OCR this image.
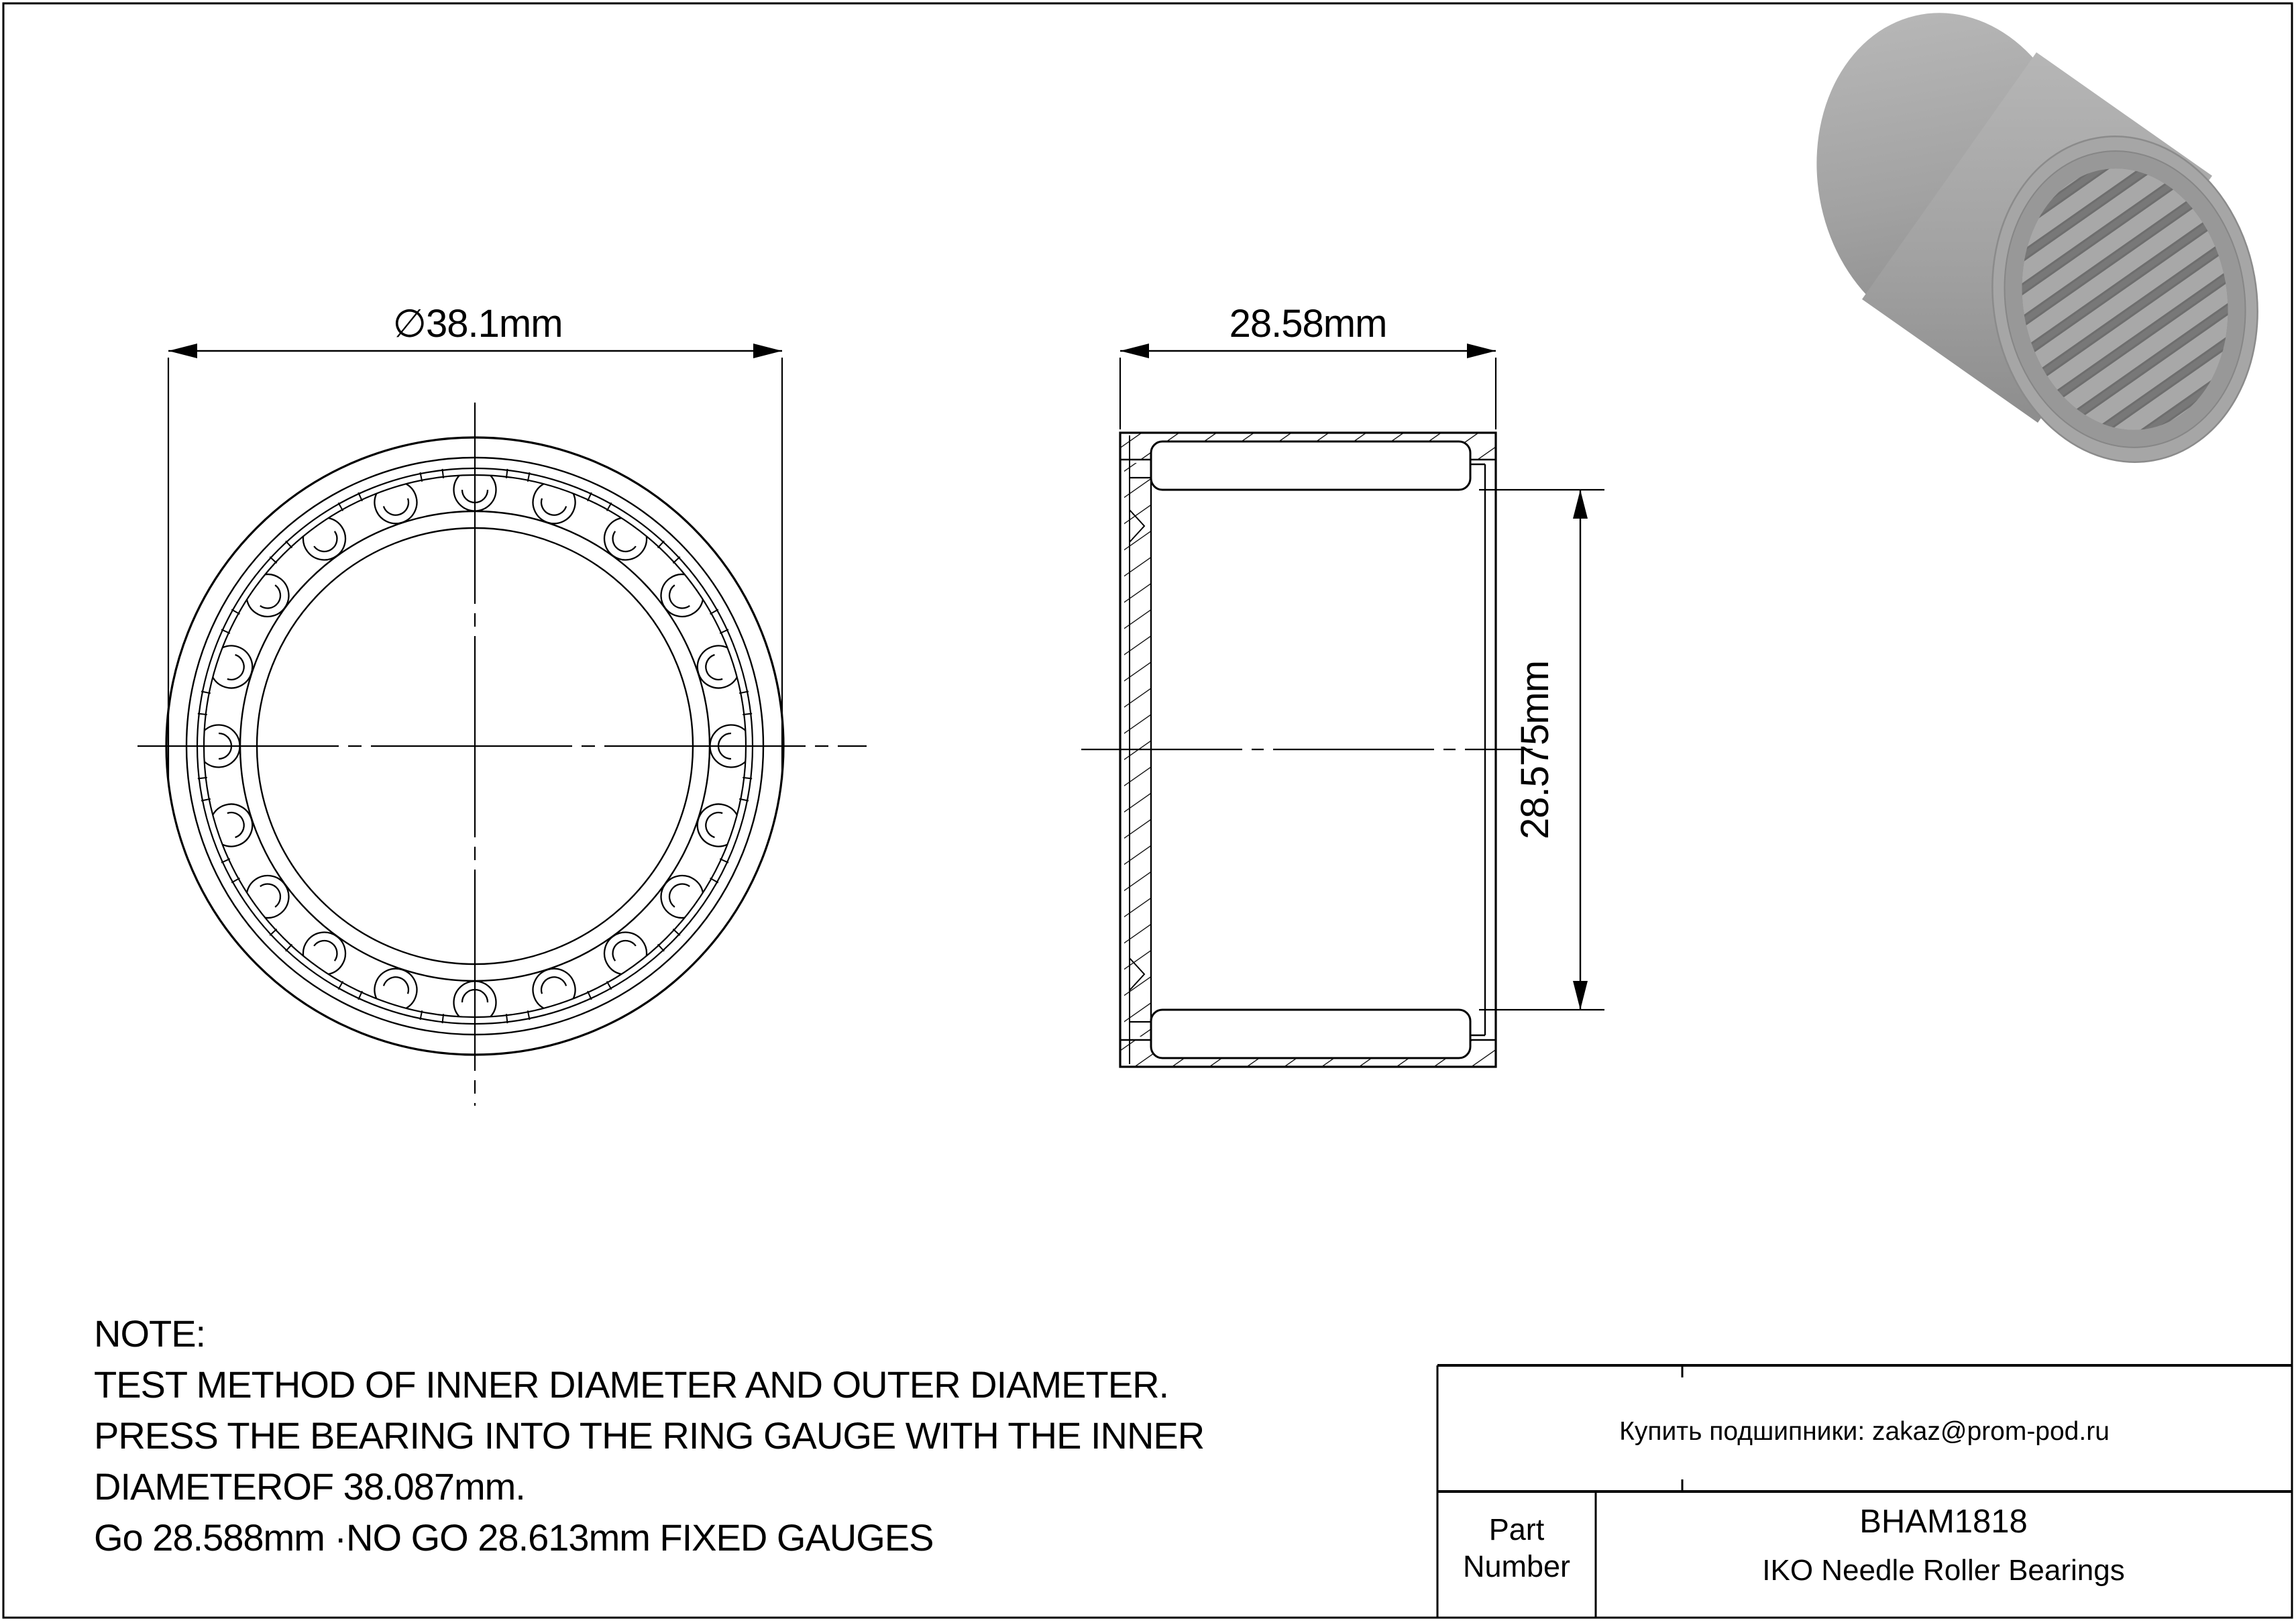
∅38.1mm	28.58mm
28.575mm
NOTE:
TEST METHOD OF INNER DIAMETER AND OUTER DIAMETER.
PRESS THE BEARING INTO THE RING GAUGE WITH THE INNER
DIAMETEROF 38.087mm.
Go 28.588mm ·NO GO 28.613mm FIXED GAUGES
Купить подшипники: zakaz@prom-pod.ru
Part
Number
BHAM1818
IKO Needle Roller Bearings
